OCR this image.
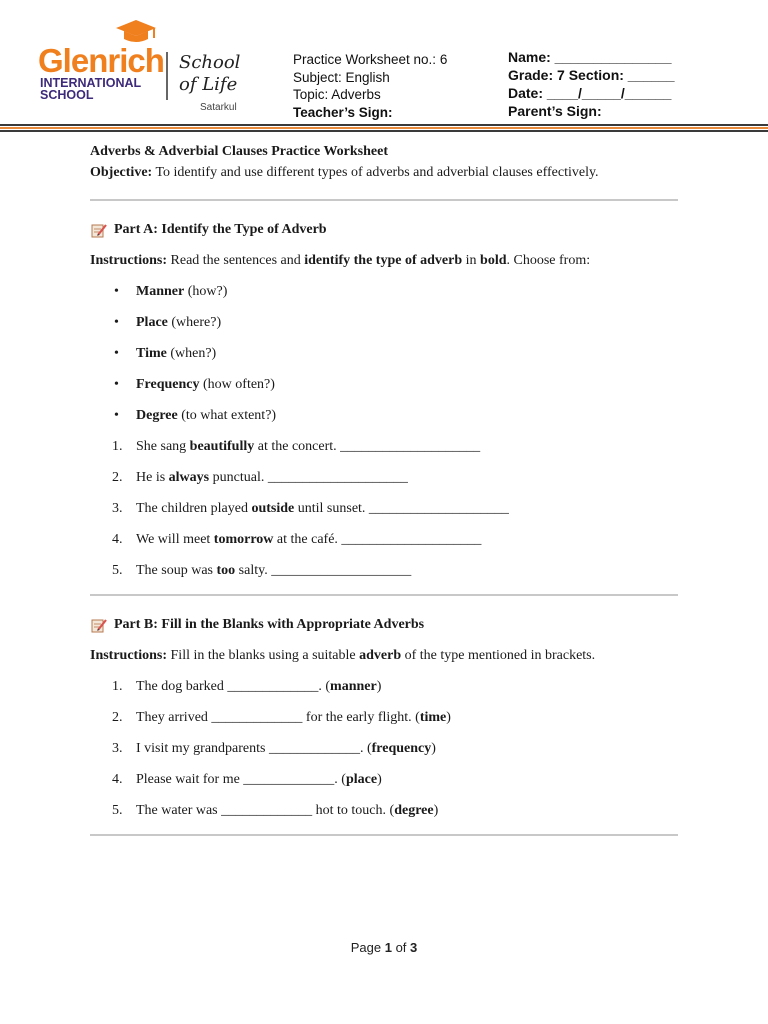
Glenrich
INTERNATIONAL
SCHOOL
School
of Life
Satarkul
Practice Worksheet no.: 6
Subject: English
Topic: Adverbs
Teacher’s Sign:
Name: _______________
Grade: 7 Section: ______
Date: ____/_____/______
Parent’s Sign:
Adverbs & Adverbial Clauses Practice Worksheet
Objective: To identify and use different types of adverbs and adverbial clauses effectively.
Part A: Identify the Type of Adverb
Instructions: Read the sentences and identify the type of adverb in bold. Choose from:
• Manner (how?)
• Place (where?)
• Time (when?)
• Frequency (how often?)
• Degree (to what extent?)
1. She sang beautifully at the concert. ____________________
2. He is always punctual. ____________________
3. The children played outside until sunset. ____________________
4. We will meet tomorrow at the café. ____________________
5. The soup was too salty. ____________________
Part B: Fill in the Blanks with Appropriate Adverbs
Instructions: Fill in the blanks using a suitable adverb of the type mentioned in brackets.
1. The dog barked _____________. (manner)
2. They arrived _____________ for the early flight. (time)
3. I visit my grandparents _____________. (frequency)
4. Please wait for me _____________. (place)
5. The water was _____________ hot to touch. (degree)
Page 1 of 3
